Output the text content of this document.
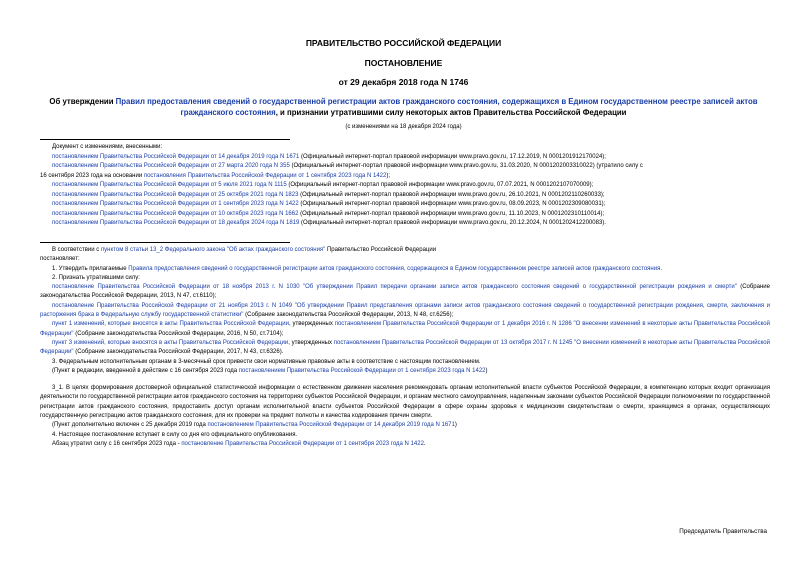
ПРАВИТЕЛЬСТВО РОССИЙСКОЙ ФЕДЕРАЦИИ
ПОСТАНОВЛЕНИЕ
от 29 декабря 2018 года N 1746
Об утверждении Правил предоставления сведений о государственной регистрации актов гражданского состояния, содержащихся в Едином государственном реестре записей актов гражданского состояния, и признании утратившими силу некоторых актов Правительства Российской Федерации
(с изменениями на 18 декабря 2024 года)
Документ с изменениями, внесенными:
постановлением Правительства Российской Федерации от 14 декабря 2019 года N 1671 (Официальный интернет-портал правовой информации www.pravo.gov.ru, 17.12.2019, N 0001201912170024);
постановлением Правительства Российской Федерации от 27 марта 2020 года N 355 (Официальный интернет-портал правовой информации www.pravo.gov.ru, 31.03.2020, N 0001202003310022) (утратило силу с
16 сентября 2023 года на основании постановления Правительства Российской Федерации от 1 сентября 2023 года N 1422);
постановлением Правительства Российской Федерации от 5 июля 2021 года N 1115 (Официальный интернет-портал правовой информации www.pravo.gov.ru, 07.07.2021, N 0001202107070009);
постановлением Правительства Российской Федерации от 25 октября 2021 года N 1823 (Официальный интернет-портал правовой информации www.pravo.gov.ru, 26.10.2021, N 0001202110260033);
постановлением Правительства Российской Федерации от 1 сентября 2023 года N 1422 (Официальный интернет-портал правовой информации www.pravo.gov.ru, 08.09.2023, N 0001202309080031);
постановлением Правительства Российской Федерации от 10 октября 2023 года N 1662 (Официальный интернет-портал правовой информации www.pravo.gov.ru, 11.10.2023, N 0001202310110014);
постановлением Правительства Российской Федерации от 18 декабря 2024 года N 1819 (Официальный интернет-портал правовой информации www.pravo.gov.ru, 20.12.2024, N 0001202412200083).

В соответствии с пунктом 8 статьи 13_2 Федерального закона "Об актах гражданского состояния" Правительство Российской Федерации

постановляет:

1. Утвердить прилагаемые Правила предоставления сведений о государственной регистрации актов гражданского состояния, содержащихся в Едином государственном реестре записей актов гражданского состояния.

2. Признать утратившими силу:

постановление Правительства Российской Федерации от 18 ноября 2013 г. N 1030 "Об утверждении Правил передачи органами записи актов гражданского состояния сведений о государственной регистрации рождения и смерти" (Собрание законодательства Российской Федерации, 2013, N 47, ст.6110);

постановление Правительства Российской Федерации от 21 ноября 2013 г. N 1049 "Об утверждении Правил представления органами записи актов гражданского состояния сведений о государственной регистрации рождения, смерти, заключения и расторжения брака в Федеральную службу государственной статистики" (Собрание законодательства Российской Федерации, 2013, N 48, ст.6256);

пункт 1 изменений, которые вносятся в акты Правительства Российской Федерации, утвержденных постановлением Правительства Российской Федерации от 1 декабря 2016 г. N 1286 "О внесении изменений в некоторые акты Правительства Российской Федерации" (Собрание законодательства Российской Федерации, 2016, N 50, ст.7104);

пункт 3 изменений, которые вносятся в акты Правительства Российской Федерации, утвержденных постановлением Правительства Российской Федерации от 13 октября 2017 г. N 1245 "О внесении изменений в некоторые акты Правительства Российской Федерации" (Собрание законодательства Российской Федерации, 2017, N 43, ст.6326).

3. Федеральным исполнительным органам в 3-месячный срок привести свои нормативные правовые акты в соответствие с настоящим постановлением.

(Пункт в редакции, введенной в действие с 16 сентября 2023 года постановлением Правительства Российской Федерации от 1 сентября 2023 года N 1422)

3_1. В целях формирования достоверной официальной статистической информации о естественном движении населения рекомендовать органам исполнительной власти субъектов Российской Федерации, в компетенцию которых входит организация деятельности по государственной регистрации актов гражданского состояния на территориях субъектов Российской Федерации, и органам местного самоуправления, наделенным законами субъектов Российской Федерации полномочиями по государственной регистрации актов гражданского состояния, предоставить доступ органам исполнительной власти субъектов Российской Федерации в сфере охраны здоровья к медицинским свидетельствам о смерти, хранящимся в органах, осуществляющих государственную регистрацию актов гражданского состояния, для их проверки на предмет полноты и качества кодирования причин смерти.

(Пункт дополнительно включен с 25 декабря 2019 года постановлением Правительства Российской Федерации от 14 декабря 2019 года N 1671)

4. Настоящее постановление вступает в силу со дня его официального опубликования.

Абзац утратил силу с 16 сентября 2023 года - постановление Правительства Российской Федерации от 1 сентября 2023 года N 1422.

Председатель Правительства
